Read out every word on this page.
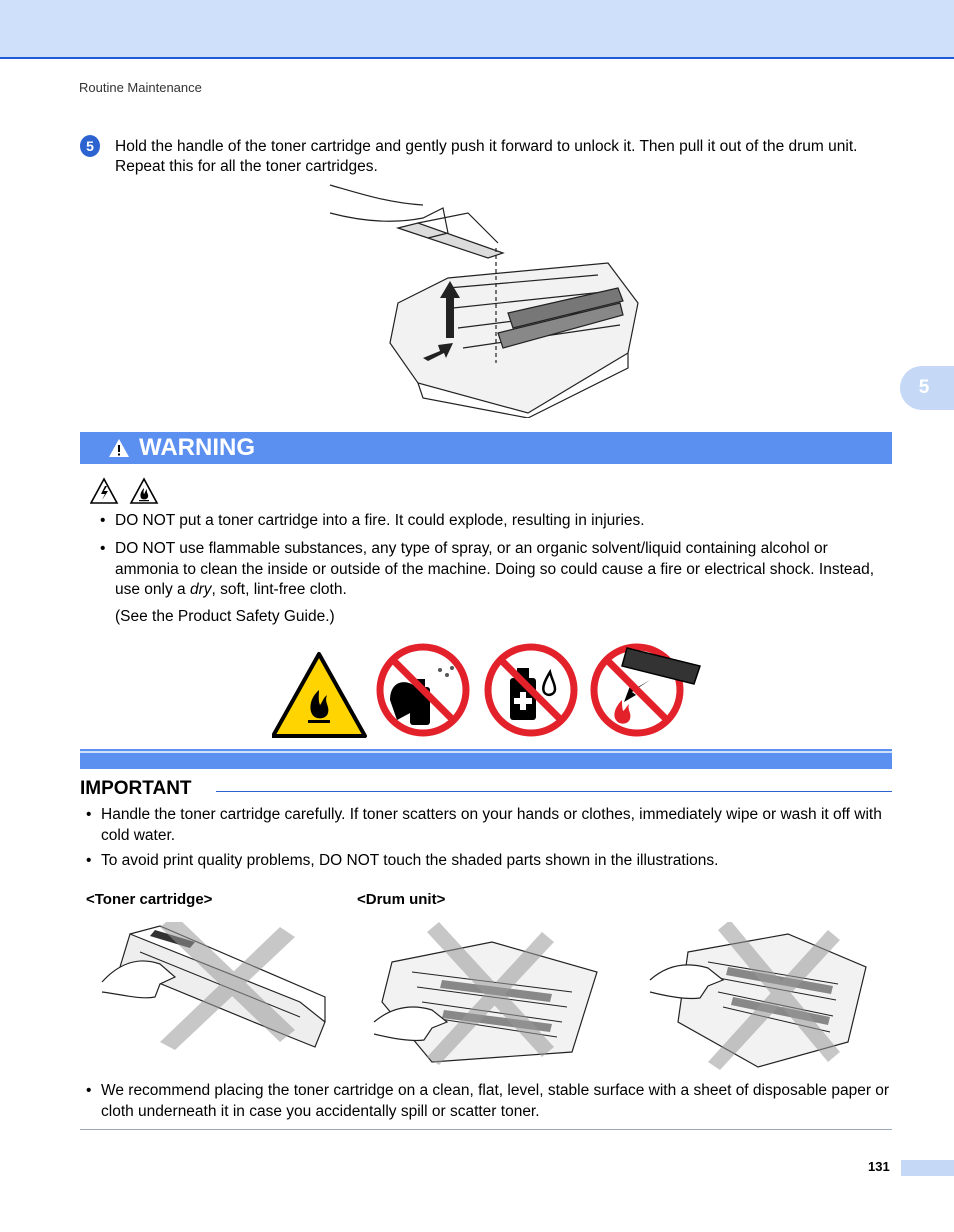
Routine Maintenance
5
5	Hold the handle of the toner cartridge and gently push it forward to unlock it. Then pull it out of the drum unit. Repeat this for all the toner cartridges.
WARNING
• DO NOT put a toner cartridge into a fire. It could explode, resulting in injuries.
• DO NOT use flammable substances, any type of spray, or an organic solvent/liquid containing alcohol or ammonia to clean the inside or outside of the machine. Doing so could cause a fire or electrical shock. Instead, use only a dry, soft, lint-free cloth.
(See the Product Safety Guide.)
IMPORTANT
• Handle the toner cartridge carefully. If toner scatters on your hands or clothes, immediately wipe or wash it off with cold water.
• To avoid print quality problems, DO NOT touch the shaded parts shown in the illustrations.
<Toner cartridge>	<Drum unit>
• We recommend placing the toner cartridge on a clean, flat, level, stable surface with a sheet of disposable paper or cloth underneath it in case you accidentally spill or scatter toner.
131
